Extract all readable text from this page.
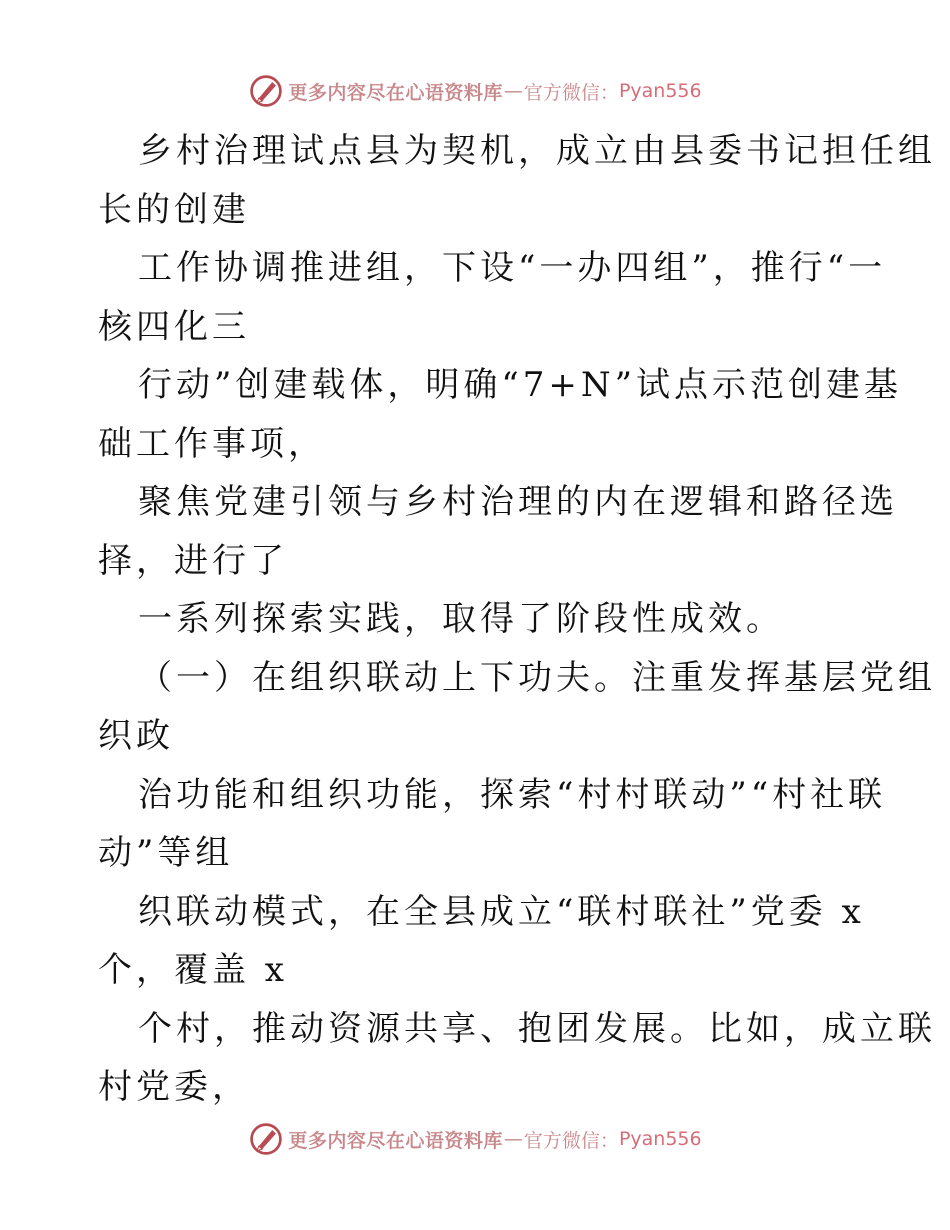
更多内容尽在心语资料库 — 官方微信： Pyan556
乡村治理试点县为契机，成立由县委书记担任组
长的创建
工作协调推进组，下设“一办四组”，推行“一
核四化三
行动”创建载体，明确“7+N”试点示范创建基
础工作事项，
聚焦党建引领与乡村治理的内在逻辑和路径选
择，进行了
一系列探索实践，取得了阶段性成效。
（一）在组织联动上下功夫。注重发挥基层党组
织政
治功能和组织功能，探索“村村联动”“村社联
动”等组
织联动模式，在全县成立“联村联社”党委 x
个，覆盖 x
个村，推动资源共享、抱团发展。比如，成立联
村党委，
更多内容尽在心语资料库 — 官方微信： Pyan556
